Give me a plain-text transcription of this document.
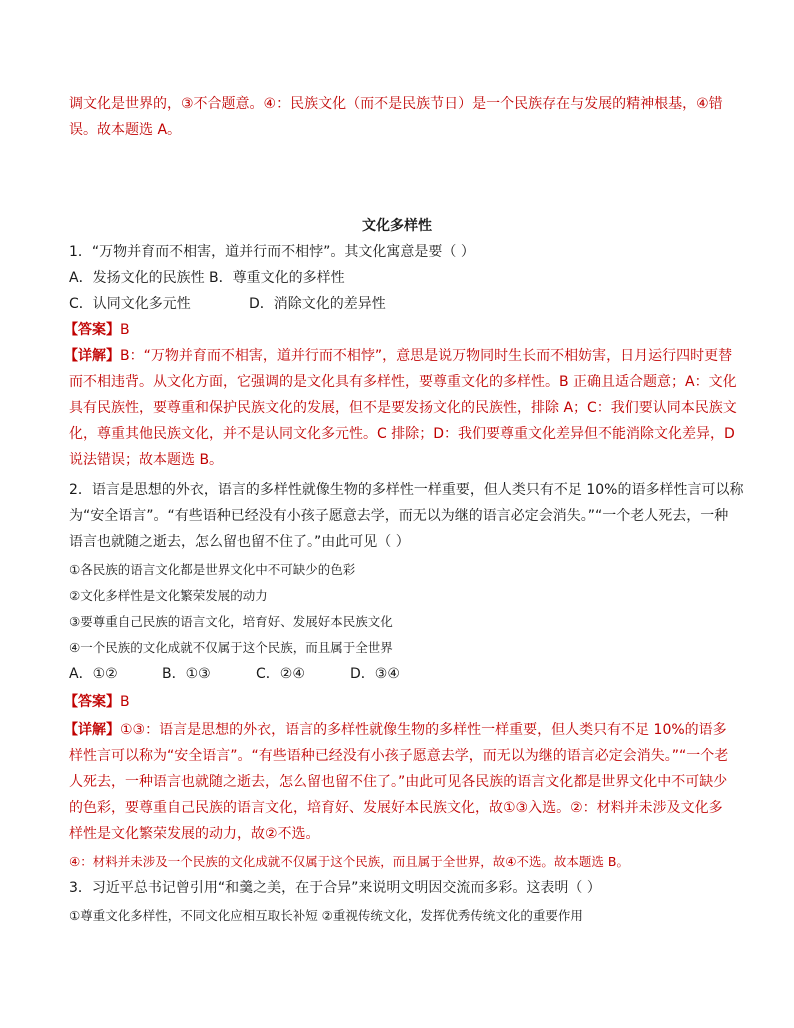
调文化是世界的，③不合题意。④：民族文化（而不是民族节日）是一个民族存在与发展的精神根基，④错
误。故本题选 A。
文化多样性
1．“万物并育而不相害，道并行而不相悖”。其文化寓意是要（ ）
A．发扬文化的民族性 B．尊重文化的多样性
C．认同文化多元性	D．消除文化的差异性
【答案】B
【详解】B：“万物并育而不相害，道并行而不相悖”，意思是说万物同时生长而不相妨害，日月运行四时更替
而不相违背。从文化方面，它强调的是文化具有多样性，要尊重文化的多样性。B 正确且适合题意；A：文化
具有民族性，要尊重和保护民族文化的发展，但不是要发扬文化的民族性，排除 A；C：我们要认同本民族文
化，尊重其他民族文化，并不是认同文化多元性。C 排除；D：我们要尊重文化差异但不能消除文化差异，D
说法错误；故本题选 B。
2．语言是思想的外衣，语言的多样性就像生物的多样性一样重要，但人类只有不足 10%的语多样性言可以称
为“安全语言”。“有些语种已经没有小孩子愿意去学，而无以为继的语言必定会消失。”“一个老人死去，一种
语言也就随之逝去，怎么留也留不住了。”由此可见（ ）
①各民族的语言文化都是世界文化中不可缺少的色彩
②文化多样性是文化繁荣发展的动力
③要尊重自己民族的语言文化，培育好、发展好本民族文化
④一个民族的文化成就不仅属于这个民族，而且属于全世界
A．①②	B．①③	C．②④	D．③④
【答案】B
【详解】①③：语言是思想的外衣，语言的多样性就像生物的多样性一样重要，但人类只有不足 10%的语多
样性言可以称为“安全语言”。“有些语种已经没有小孩子愿意去学，而无以为继的语言必定会消失。”“一个老
人死去，一种语言也就随之逝去，怎么留也留不住了。”由此可见各民族的语言文化都是世界文化中不可缺少
的色彩，要尊重自己民族的语言文化，培育好、发展好本民族文化，故①③入选。②：材料并未涉及文化多
样性是文化繁荣发展的动力，故②不选。
④：材料并未涉及一个民族的文化成就不仅属于这个民族，而且属于全世界，故④不选。故本题选 B。
3．习近平总书记曾引用“和羹之美，在于合异”来说明文明因交流而多彩。这表明（ ）
①尊重文化多样性，不同文化应相互取长补短 ②重视传统文化，发挥优秀传统文化的重要作用
